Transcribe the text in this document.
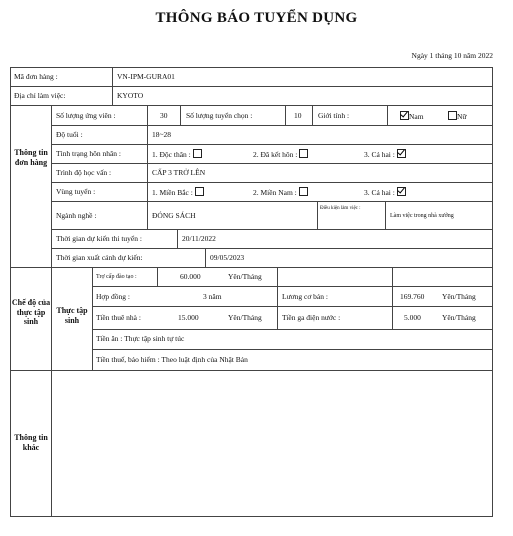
THÔNG BÁO TUYỂN DỤNG
Ngày 1 tháng 10 năm 2022
Mã đơn hàng :	VN-IPM-GURA01
Địa chỉ làm việc:	KYOTO
Thông tin đơn hàng
Chế độ của thực tập sinh
Thực tập sinh
Thông tin khác
Số lượng ứng viên :	30 Số lượng tuyển chọn :	10 Giới tính :	Nam	Nữ
Độ tuổi :	18~28
Tình trạng hôn nhân :	1. Độc thân :	2. Đã kết hôn :	3. Cả hai :
Trình độ học vấn :	CẤP 3 TRỞ LÊN
Vùng tuyển :	1. Miền Bắc :	2. Miền Nam :	3. Cả hai :
Ngành nghề :	ĐÓNG SÁCH
Điều kiện làm việc :
Làm việc trong nhà xưởng
Thời gian dự kiến thi tuyển :	20/11/2022
Thời gian xuất cảnh dự kiến:	09/05/2023
Trợ cấp đào tạo :	60.000	Yên/Tháng
Hợp đồng :	3 năm	Lương cơ bản :	169.760 Yên/Tháng
Tiền thuê nhà :	15.000	Yên/Tháng	Tiền ga điện nước :	5.000	Yên/Tháng
Tiền ăn : Thực tập sinh tự túc
Tiền thuế, bảo hiểm : Theo luật định của Nhật Bản
